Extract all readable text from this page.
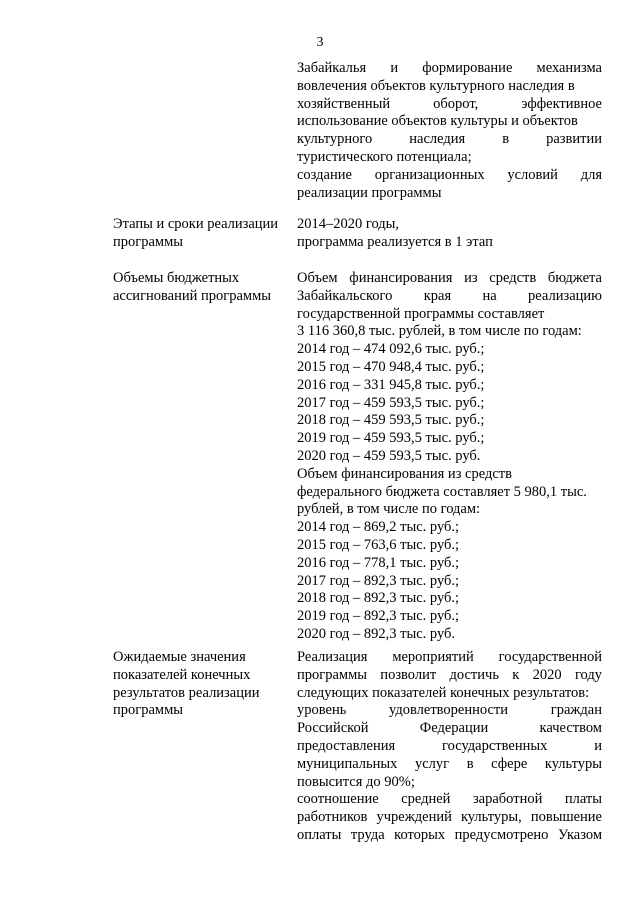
3
Забайкалья и формирование механизма
вовлечения объектов культурного наследия в
хозяйственный оборот, эффективное
использование объектов культуры и объектов
культурного наследия в развитии
туристического потенциала;
создание организационных условий для
реализации программы
Этапы и сроки реализации
программы
2014–2020 годы,
программа реализуется в 1 этап
Объемы бюджетных
ассигнований программы
Объем финансирования из средств бюджета
Забайкальского края на реализацию
государственной программы составляет
3 116 360,8 тыс. рублей, в том числе по годам:
2014 год – 474 092,6 тыс. руб.;
2015 год – 470 948,4 тыс. руб.;
2016 год – 331 945,8 тыс. руб.;
2017 год – 459 593,5 тыс. руб.;
2018 год – 459 593,5 тыс. руб.;
2019 год – 459 593,5 тыс. руб.;
2020 год – 459 593,5 тыс. руб.
Объем финансирования из средств
федерального бюджета составляет 5 980,1 тыс.
рублей, в том числе по годам:
2014 год – 869,2 тыс. руб.;
2015 год – 763,6 тыс. руб.;
2016 год – 778,1 тыс. руб.;
2017 год – 892,3 тыс. руб.;
2018 год – 892,3 тыс. руб.;
2019 год – 892,3 тыс. руб.;
2020 год – 892,3 тыс. руб.
Ожидаемые значения
показателей конечных
результатов реализации
программы
Реализация мероприятий государственной
программы позволит достичь к 2020 году
следующих показателей конечных результатов:
уровень удовлетворенности граждан
Российской Федерации качеством
предоставления государственных и
муниципальных услуг в сфере культуры
повысится до 90%;
соотношение средней заработной платы
работников учреждений культуры, повышение
оплаты труда которых предусмотрено Указом
